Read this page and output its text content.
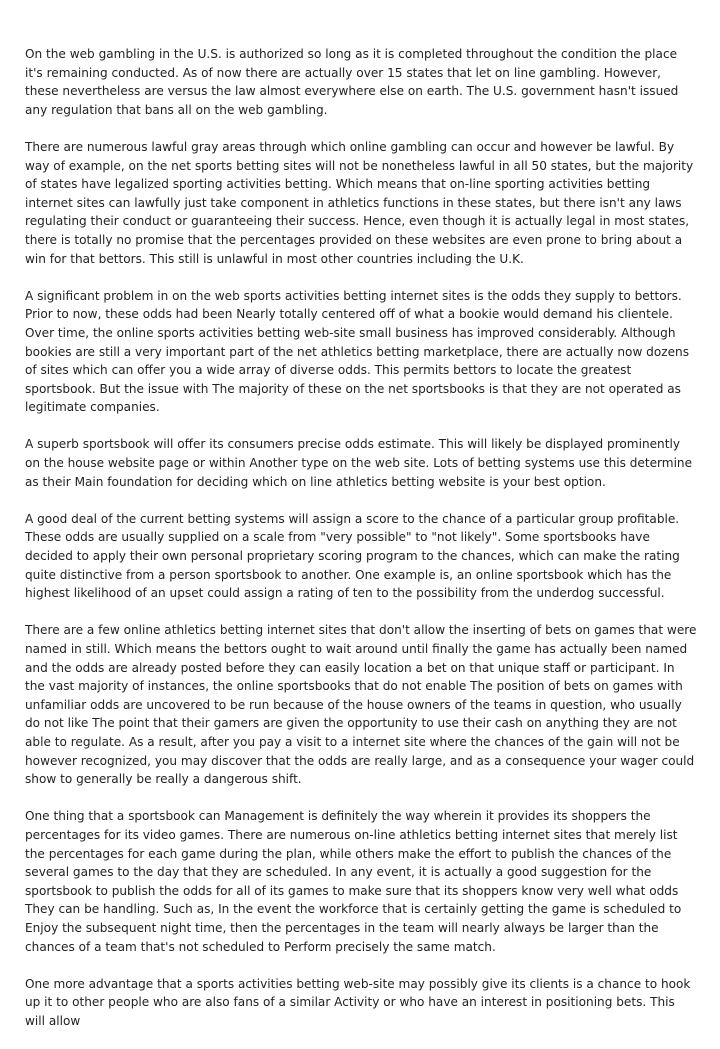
On the web gambling in the U.S. is authorized so long as it is completed throughout the condition the place it's remaining conducted. As of now there are actually over 15 states that let on line gambling. However, these nevertheless are versus the law almost everywhere else on earth. The U.S. government hasn't issued any regulation that bans all on the web gambling.

There are numerous lawful gray areas through which online gambling can occur and however be lawful. By way of example, on the net sports betting sites will not be nonetheless lawful in all 50 states, but the majority of states have legalized sporting activities betting. Which means that on-line sporting activities betting internet sites can lawfully just take component in athletics functions in these states, but there isn't any laws regulating their conduct or guaranteeing their success. Hence, even though it is actually legal in most states, there is totally no promise that the percentages provided on these websites are even prone to bring about a win for that bettors. This still is unlawful in most other countries including the U.K.

A significant problem in on the web sports activities betting internet sites is the odds they supply to bettors. Prior to now, these odds had been Nearly totally centered off of what a bookie would demand his clientele. Over time, the online sports activities betting web-site small business has improved considerably. Although bookies are still a very important part of the net athletics betting marketplace, there are actually now dozens of sites which can offer you a wide array of diverse odds. This permits bettors to locate the greatest sportsbook. But the issue with The majority of these on the net sportsbooks is that they are not operated as legitimate companies.

A superb sportsbook will offer its consumers precise odds estimate. This will likely be displayed prominently on the house website page or within Another type on the web site. Lots of betting systems use this determine as their Main foundation for deciding which on line athletics betting website is your best option.

A good deal of the current betting systems will assign a score to the chance of a particular group profitable. These odds are usually supplied on a scale from "very possible" to "not likely". Some sportsbooks have decided to apply their own personal proprietary scoring program to the chances, which can make the rating quite distinctive from a person sportsbook to another. One example is, an online sportsbook which has the highest likelihood of an upset could assign a rating of ten to the possibility from the underdog successful.

There are a few online athletics betting internet sites that don't allow the inserting of bets on games that were named in still. Which means the bettors ought to wait around until finally the game has actually been named and the odds are already posted before they can easily location a bet on that unique staff or participant. In the vast majority of instances, the online sportsbooks that do not enable The position of bets on games with unfamiliar odds are uncovered to be run because of the house owners of the teams in question, who usually do not like The point that their gamers are given the opportunity to use their cash on anything they are not able to regulate. As a result, after you pay a visit to a internet site where the chances of the gain will not be however recognized, you may discover that the odds are really large, and as a consequence your wager could show to generally be really a dangerous shift.

One thing that a sportsbook can Management is definitely the way wherein it provides its shoppers the percentages for its video games. There are numerous on-line athletics betting internet sites that merely list the percentages for each game during the plan, while others make the effort to publish the chances of the several games to the day that they are scheduled. In any event, it is actually a good suggestion for the sportsbook to publish the odds for all of its games to make sure that its shoppers know very well what odds They can be handling. Such as, In the event the workforce that is certainly getting the game is scheduled to Enjoy the subsequent night time, then the percentages in the team will nearly always be larger than the chances of a team that's not scheduled to Perform precisely the same match.

One more advantage that a sports activities betting web-site may possibly give its clients is a chance to hook up it to other people who are also fans of a similar Activity or who have an interest in positioning bets. This will allow
